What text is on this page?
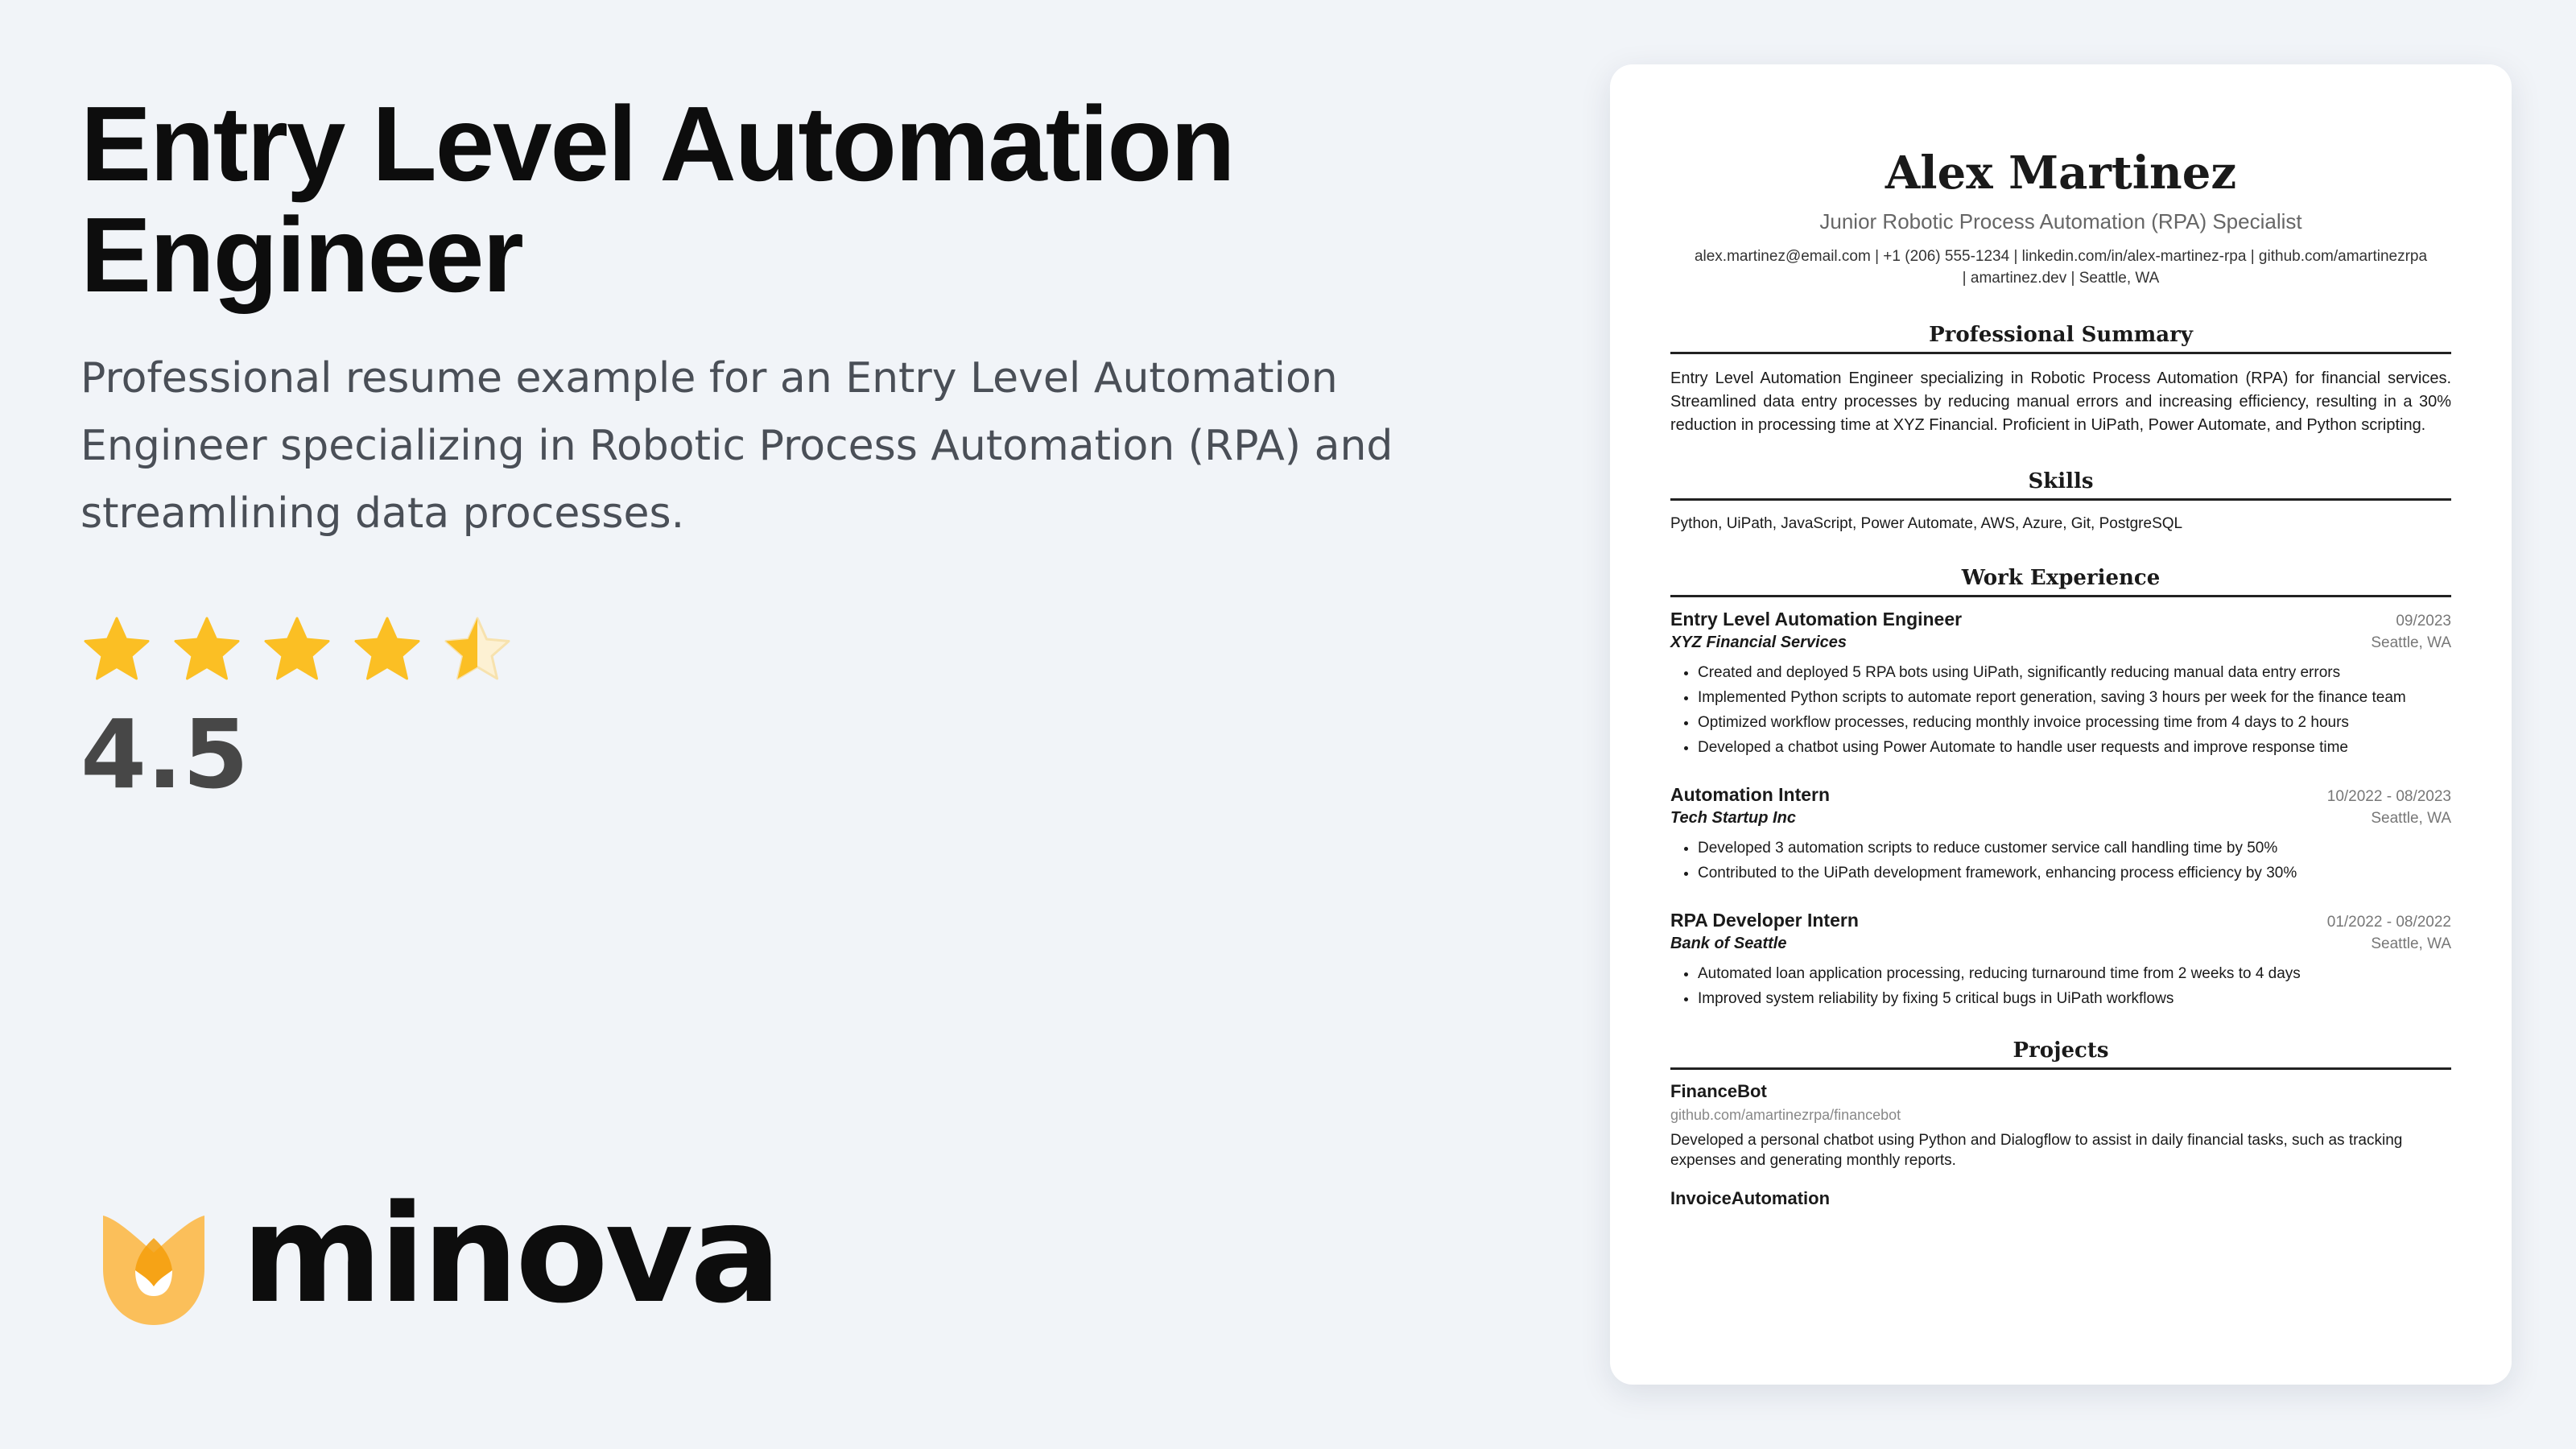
Entry Level Automation
Engineer
Professional resume example for an Entry Level Automation Engineer specializing in Robotic Process Automation (RPA) and streamlining data processes.
4.5
minova
Alex Martinez
Junior Robotic Process Automation (RPA) Specialist
alex.martinez@email.com | +1 (206) 555-1234 | linkedin.com/in/alex-martinez-rpa | github.com/amartinezrpa
| amartinez.dev | Seattle, WA
Professional Summary
Entry Level Automation Engineer specializing in Robotic Process Automation (RPA) for financial services. Streamlined data entry processes by reducing manual errors and increasing efficiency, resulting in a 30% reduction in processing time at XYZ Financial. Proficient in UiPath, Power Automate, and Python scripting.
Skills
Python, UiPath, JavaScript, Power Automate, AWS, Azure, Git, PostgreSQL
Work Experience
Entry Level Automation Engineer	09/2023
XYZ Financial Services	Seattle, WA
• Created and deployed 5 RPA bots using UiPath, significantly reducing manual data entry errors
• Implemented Python scripts to automate report generation, saving 3 hours per week for the finance team
• Optimized workflow processes, reducing monthly invoice processing time from 4 days to 2 hours
• Developed a chatbot using Power Automate to handle user requests and improve response time
Automation Intern	10/2022 - 08/2023
Tech Startup Inc	Seattle, WA
• Developed 3 automation scripts to reduce customer service call handling time by 50%
• Contributed to the UiPath development framework, enhancing process efficiency by 30%
RPA Developer Intern	01/2022 - 08/2022
Bank of Seattle	Seattle, WA
• Automated loan application processing, reducing turnaround time from 2 weeks to 4 days
• Improved system reliability by fixing 5 critical bugs in UiPath workflows
Projects
FinanceBot
github.com/amartinezrpa/financebot
Developed a personal chatbot using Python and Dialogflow to assist in daily financial tasks, such as tracking expenses and generating monthly reports.
InvoiceAutomation
